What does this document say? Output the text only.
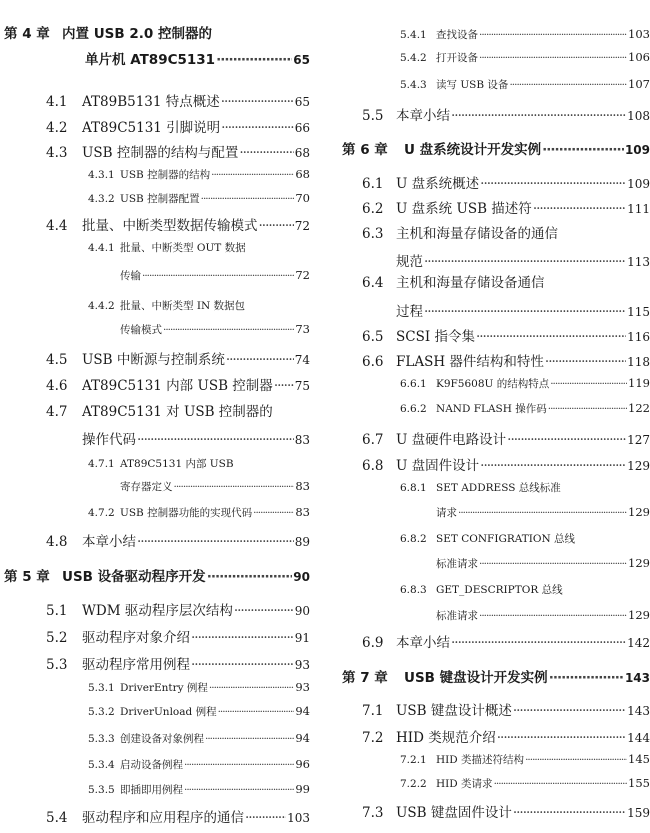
第 4 章 内置 USB 2.0 控制器的
单片机 AT89C5131 ·····	65
4.1	AT89B5131 特点概述 ·····	65
4.2	AT89C5131 引脚说明 ·····	66
4.3	USB 控制器的结构与配置 ·····	68
4.3.1 USB 控制器的结构 ·····	68
4.3.2 USB 控制器配置 ·····	70
4.4	批量、中断类型数据传输模式 ·····	72
4.4.1 批量、中断类型 OUT 数据
传输 ·····	72
4.4.2 批量、中断类型 IN 数据包
传输模式 ·····	73
4.5	USB 中断源与控制系统 ·····	74
4.6	AT89C5131 内部 USB 控制器 ····· 75
4.7	AT89C5131 对 USB 控制器的
操作代码 ·····	83
4.7.1 AT89C5131 内部 USB
寄存器定义 ·····	83
4.7.2 USB 控制器功能的实现代码 ·····	83
4.8	本章小结 ·····	89
第 5 章 USB 设备驱动程序开发 ·····	90
5.1	WDM 驱动程序层次结构 ·····	90
5.2	驱动程序对象介绍 ·····	91
5.3	驱动程序常用例程 ·····	93
5.3.1 DriverEntry 例程 ·····	93
5.3.2 DriverUnload 例程 ·····	94
5.3.3 创建设备对象例程 ·····	94
5.3.4 启动设备例程 ·····	96
5.3.5 即插即用例程 ·····	99
5.4	驱动程序和应用程序的通信 ·····	103
5.4.1 查找设备 ·····	103
5.4.2 打开设备 ·····	106
5.4.3 读写 USB 设备 ·····	107
5.5 本章小结 ·····	108
第 6 章	U 盘系统设计开发实例 ·····	109
6.1 U 盘系统概述 ·····	109
6.2 U 盘系统 USB 描述符 ·····	111
6.3 主机和海量存储设备的通信
规范 ·····	113
6.4 主机和海量存储设备通信
过程 ·····	115
6.5 SCSI 指令集 ·····	116
6.6 FLASH 器件结构和特性 ·····	118
6.6.1 K9F5608U 的结构特点 ·····	119
6.6.2 NAND FLASH 操作码 ·····	122
6.7 U 盘硬件电路设计 ·····	127
6.8 U 盘固件设计 ·····	129
6.8.1 SET ADDRESS 总线标准
请求 ·····	129
6.8.2 SET CONFIGRATION 总线
标准请求 ·····	129
6.8.3 GET_DESCRIPTOR 总线
标准请求 ·····	129
6.9 本章小结 ·····	142
第 7 章	USB 键盘设计开发实例 ·····	143
7.1 USB 键盘设计概述 ·····	143
7.2 HID 类规范介绍 ·····	144
7.2.1 HID 类描述符结构 ·····	145
7.2.2 HID 类请求 ·····	155
7.3 USB 键盘固件设计 ·····	159
